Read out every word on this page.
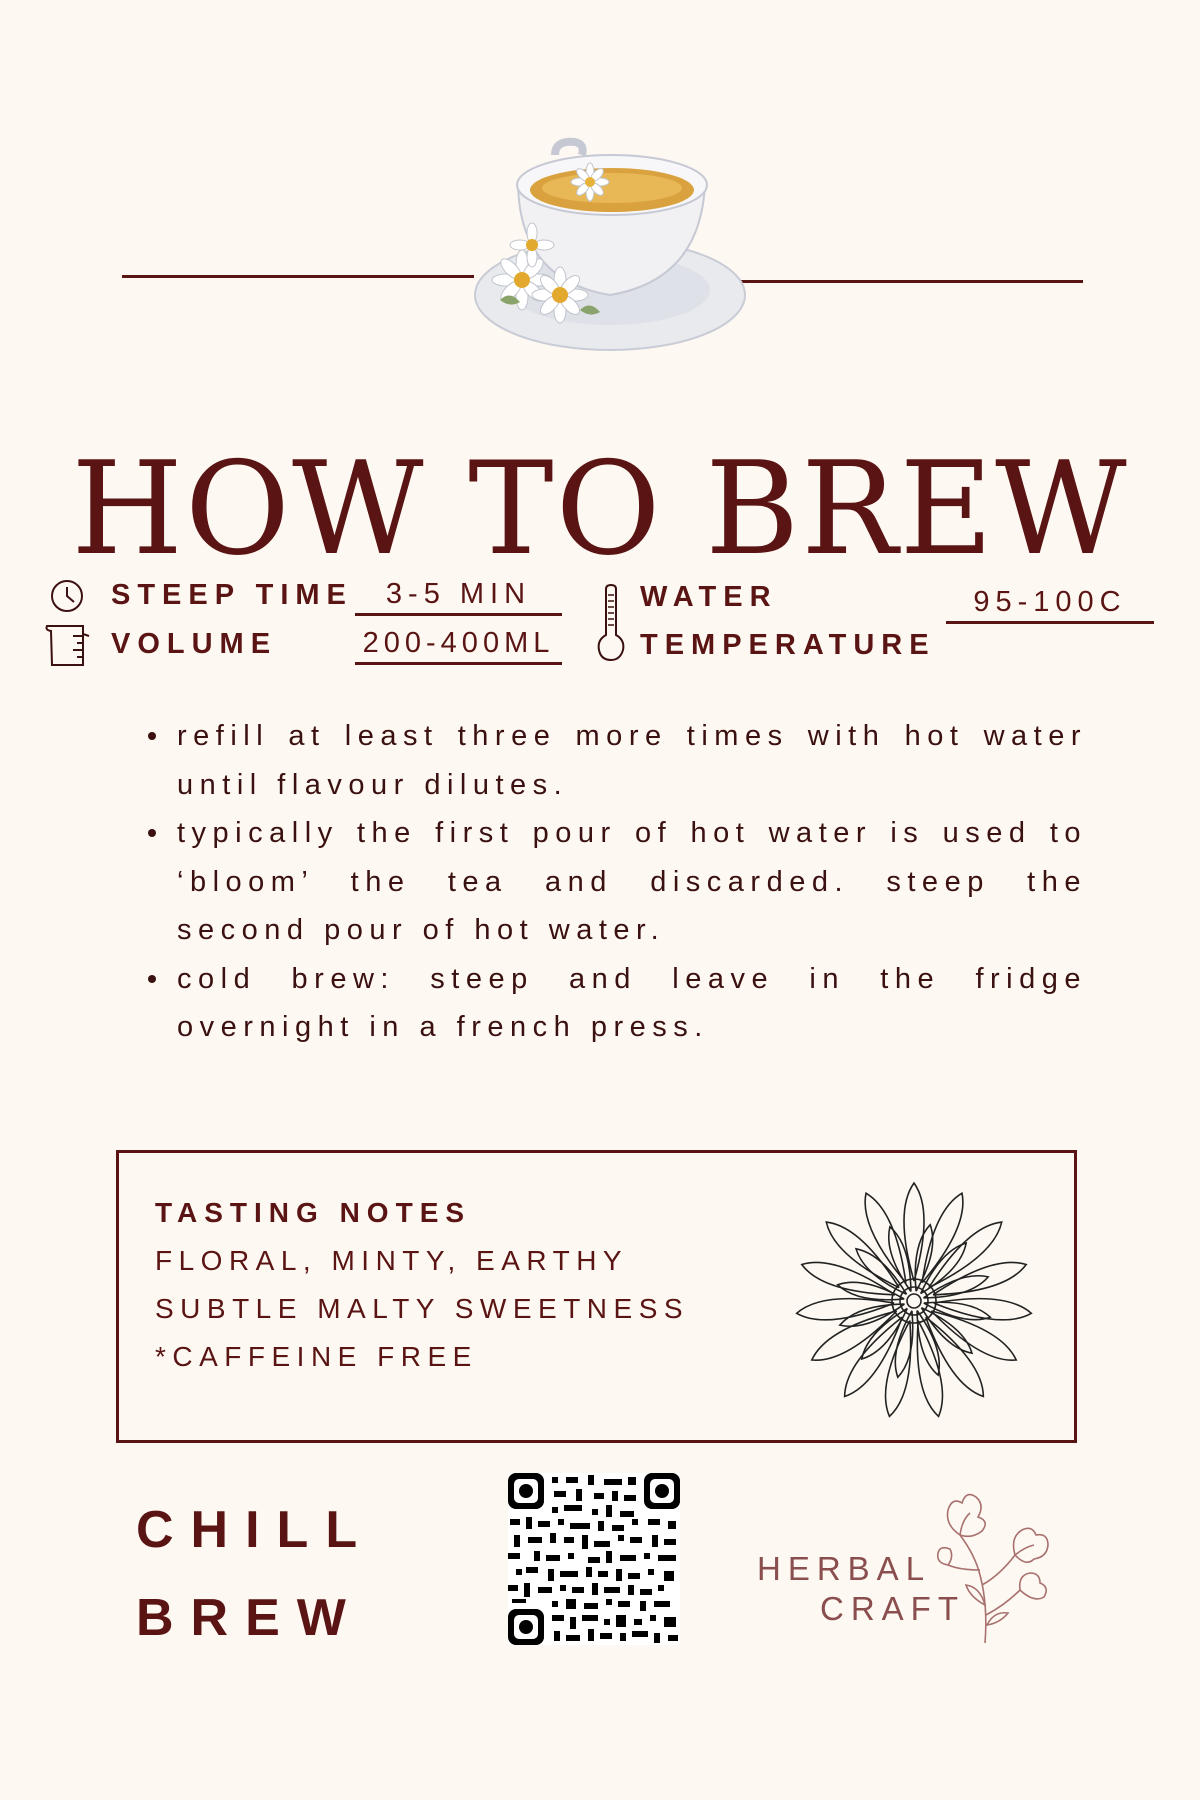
HOW TO BREW
STEEP TIME	3-5 MIN
VOLUME	200-400ML
WATER
TEMPERATURE
95-100C
refill at least three more times with hot water until flavour dilutes.
typically the first pour of hot water is used to ‘bloom’ the tea and discarded. steep the second pour of hot water.
cold brew: steep and leave in the fridge overnight in a french press.
TASTING NOTES
FLORAL, MINTY, EARTHY
SUBTLE MALTY SWEETNESS
*CAFFEINE FREE
CHILL
BREW
HERBAL
CRAFT
